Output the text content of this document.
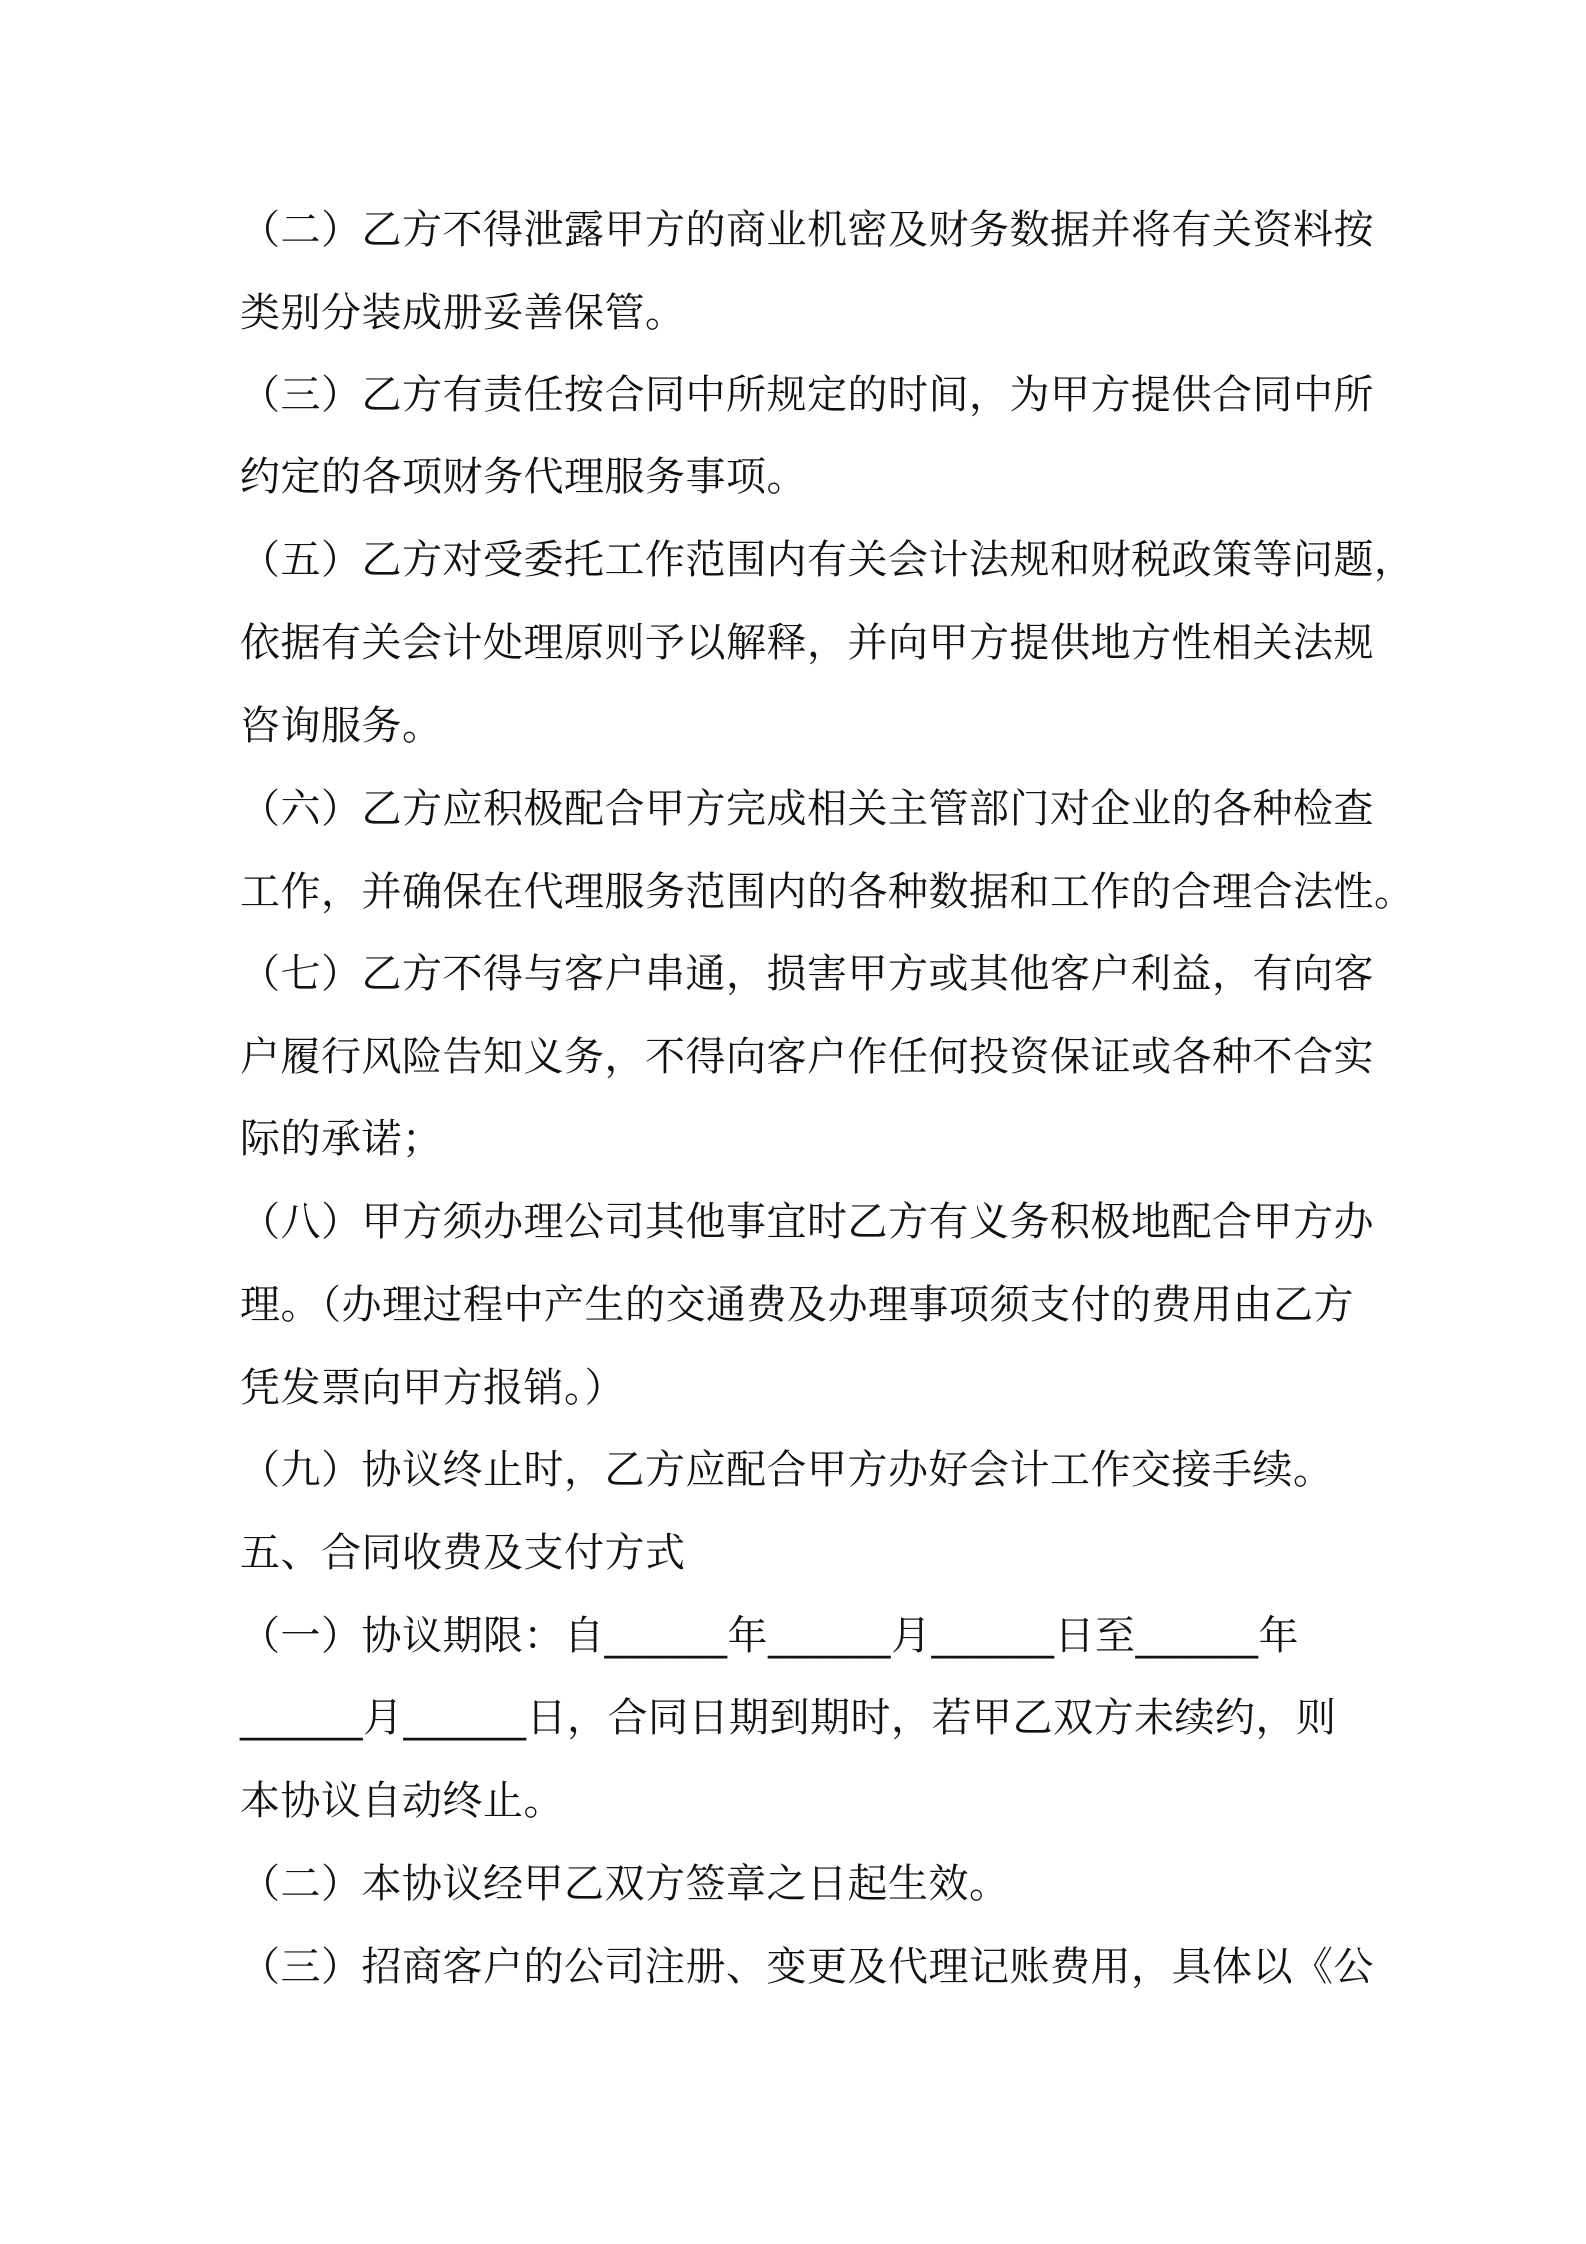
（二）乙方不得泄露甲方的商业机密及财务数据并将有关资料按
类别分装成册妥善保管。
（三）乙方有责任按合同中所规定的时间，为甲方提供合同中所
约定的各项财务代理服务事项。
（五）乙方对受委托工作范围内有关会计法规和财税政策等问题，
依据有关会计处理原则予以解释，并向甲方提供地方性相关法规
咨询服务。
（六）乙方应积极配合甲方完成相关主管部门对企业的各种检查
工作，并确保在代理服务范围内的各种数据和工作的合理合法性。
（七）乙方不得与客户串通，损害甲方或其他客户利益，有向客
户履行风险告知义务，不得向客户作任何投资保证或各种不合实
际的承诺；
（八）甲方须办理公司其他事宜时乙方有义务积极地配合甲方办
理。（办理过程中产生的交通费及办理事项须支付的费用由乙方
凭发票向甲方报销。）
（九）协议终止时，乙方应配合甲方办好会计工作交接手续。
五、合同收费及支付方式
（一）协议期限：自______年______月______日至______年
______月______日，合同日期到期时，若甲乙双方未续约，则
本协议自动终止。
（二）本协议经甲乙双方签章之日起生效。
（三）招商客户的公司注册、变更及代理记账费用，具体以《公
